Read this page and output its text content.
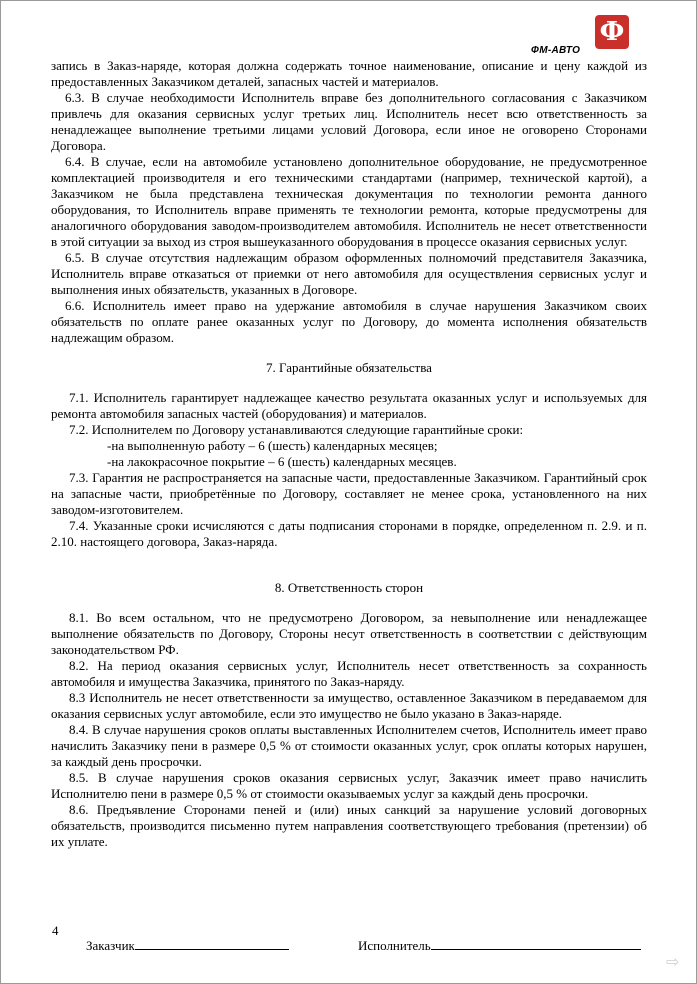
Ф
ФМ-АВТО

запись в Заказ-наряде, которая должна содержать точное наименование, описание и цену каждой из предоставленных Заказчиком деталей, запасных частей и материалов.

6.3. В случае необходимости Исполнитель вправе без дополнительного согласования с Заказчиком привлечь для оказания сервисных услуг третьих лиц. Исполнитель несет всю ответственность за ненадлежащее выполнение третьими лицами условий Договора, если иное не оговорено Сторонами Договора.

6.4. В случае, если на автомобиле установлено дополнительное оборудование, не предусмотренное комплектацией производителя и его техническими стандартами (например, технической картой), а Заказчиком не была представлена техническая документация по технологии ремонта данного оборудования, то Исполнитель вправе применять те технологии ремонта, которые предусмотрены для аналогичного оборудования заводом-производителем автомобиля. Исполнитель не несет ответственности в этой ситуации за выход из строя вышеуказанного оборудования в процессе оказания сервисных услуг.

6.5. В случае отсутствия надлежащим образом оформленных полномочий представителя Заказчика, Исполнитель вправе отказаться от приемки от него автомобиля для осуществления сервисных услуг и выполнения иных обязательств, указанных в Договоре.

6.6. Исполнитель имеет право на удержание автомобиля в случае нарушения Заказчиком своих обязательств по оплате ранее оказанных услуг по Договору, до момента исполнения обязательств надлежащим образом.

7. Гарантийные обязательства

7.1. Исполнитель гарантирует надлежащее качество результата оказанных услуг и используемых для ремонта автомобиля запасных частей (оборудования) и материалов.

7.2. Исполнителем по Договору устанавливаются следующие гарантийные сроки:

-на выполненную работу – 6 (шесть) календарных месяцев;

-на лакокрасочное покрытие – 6 (шесть) календарных месяцев.

7.3. Гарантия не распространяется на запасные части, предоставленные Заказчиком. Гарантийный срок на запасные части, приобретённые по Договору, составляет не менее срока, установленного на них заводом-изготовителем.

7.4. Указанные сроки исчисляются с даты подписания сторонами в порядке, определенном п. 2.9. и п. 2.10. настоящего договора, Заказ-наряда.

8. Ответственность сторон

8.1. Во всем остальном, что не предусмотрено Договором, за невыполнение или ненадлежащее выполнение обязательств по Договору, Стороны несут ответственность в соответствии с действующим законодательством РФ.

8.2. На период оказания сервисных услуг, Исполнитель несет ответственность за сохранность автомобиля и имущества Заказчика, принятого по Заказ-наряду.

8.3 Исполнитель не несет ответственности за имущество, оставленное Заказчиком в передаваемом для оказания сервисных услуг автомобиле, если это имущество не было указано в Заказ-наряде.

8.4. В случае нарушения сроков оплаты выставленных Исполнителем счетов, Исполнитель имеет право начислить Заказчику пени в размере 0,5 % от стоимости оказанных услуг, срок оплаты которых нарушен, за каждый день просрочки.

8.5. В случае нарушения сроков оказания сервисных услуг, Заказчик имеет право начислить Исполнителю пени в размере 0,5 % от стоимости оказываемых услуг за каждый день просрочки.

8.6. Предъявление Сторонами пеней и (или) иных санкций за нарушение условий договорных обязательств, производится письменно путем направления соответствующего требования (претензии) об их уплате.

4
Заказчик	Исполнитель
⇨
